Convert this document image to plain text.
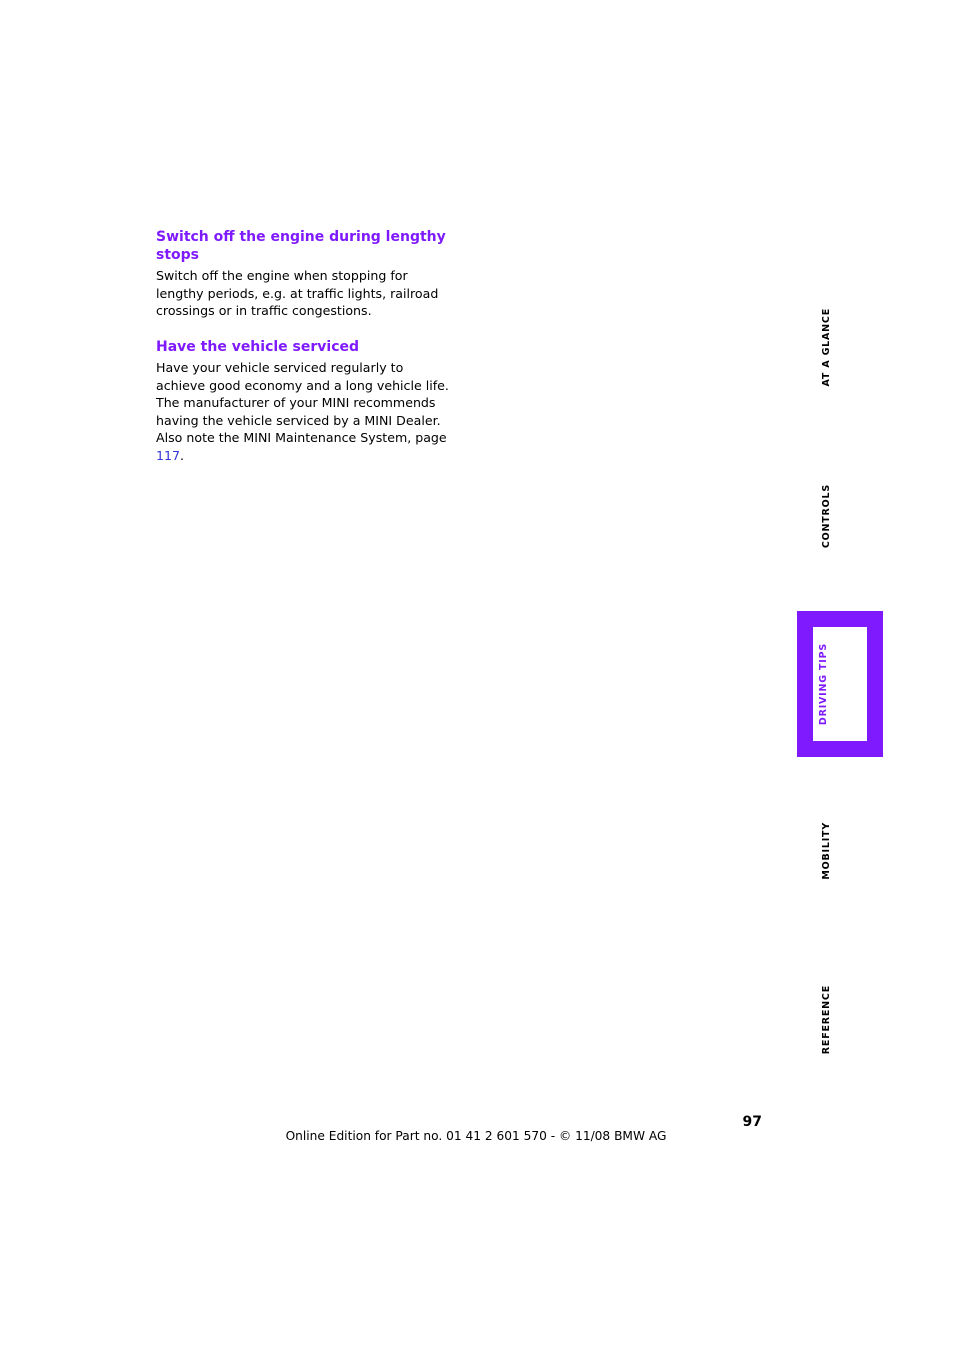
Switch off the engine during lengthy stops

Switch off the engine when stopping for lengthy periods, e.g. at traffic lights, railroad crossings or in traffic congestions.

Have the vehicle serviced

Have your vehicle serviced regularly to achieve good economy and a long vehicle life. The manufacturer of your MINI recommends having the vehicle serviced by a MINI Dealer. Also note the MINI Maintenance System, page 117.

AT A GLANCE
CONTROLS
DRIVING TIPS
MOBILITY
REFERENCE
97
Online Edition for Part no. 01 41 2 601 570 - © 11/08 BMW AG
